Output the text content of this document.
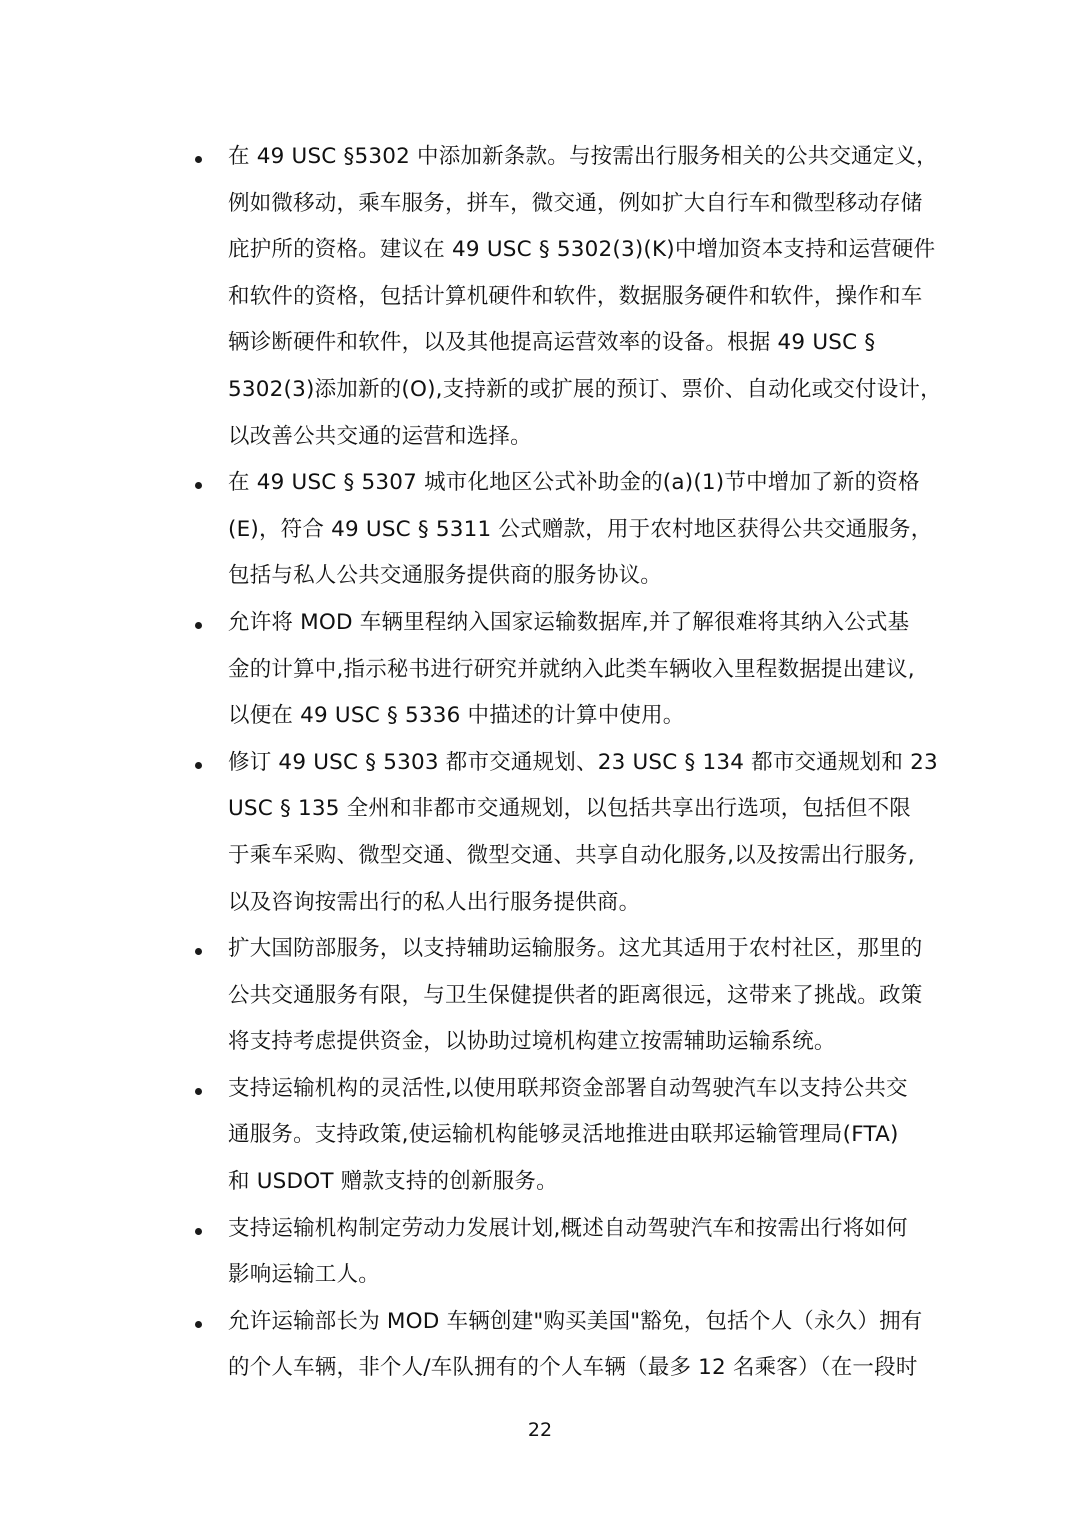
在 49 USC §5302 中添加新条款。与按需出行服务相关的公共交通定义，
例如微移动，乘车服务，拼车，微交通，例如扩大自行车和微型移动存储
庇护所的资格。建议在 49 USC § 5302(3)(K)中增加资本支持和运营硬件
和软件的资格，包括计算机硬件和软件，数据服务硬件和软件，操作和车
辆诊断硬件和软件，以及其他提高运营效率的设备。根据 49 USC §
5302(3)添加新的(O),支持新的或扩展的预订、票价、自动化或交付设计，
以改善公共交通的运营和选择。
在 49 USC § 5307 城市化地区公式补助金的(a)(1)节中增加了新的资格
(E)，符合 49 USC § 5311 公式赠款，用于农村地区获得公共交通服务，
包括与私人公共交通服务提供商的服务协议。
允许将 MOD 车辆里程纳入国家运输数据库,并了解很难将其纳入公式基
金的计算中,指示秘书进行研究并就纳入此类车辆收入里程数据提出建议,
以便在 49 USC § 5336 中描述的计算中使用。
修订 49 USC § 5303 都市交通规划、23 USC § 134 都市交通规划和 23
USC § 135 全州和非都市交通规划，以包括共享出行选项，包括但不限
于乘车采购、微型交通、微型交通、共享自动化服务,以及按需出行服务,
以及咨询按需出行的私人出行服务提供商。
扩大国防部服务，以支持辅助运输服务。这尤其适用于农村社区，那里的
公共交通服务有限，与卫生保健提供者的距离很远，这带来了挑战。政策
将支持考虑提供资金，以协助过境机构建立按需辅助运输系统。
支持运输机构的灵活性,以使用联邦资金部署自动驾驶汽车以支持公共交
通服务。支持政策,使运输机构能够灵活地推进由联邦运输管理局(FTA)
和 USDOT 赠款支持的创新服务。
支持运输机构制定劳动力发展计划,概述自动驾驶汽车和按需出行将如何
影响运输工人。
允许运输部长为 MOD 车辆创建"购买美国"豁免，包括个人（永久）拥有
的个人车辆，非个人/车队拥有的个人车辆（最多 12 名乘客）（在一段时
22
